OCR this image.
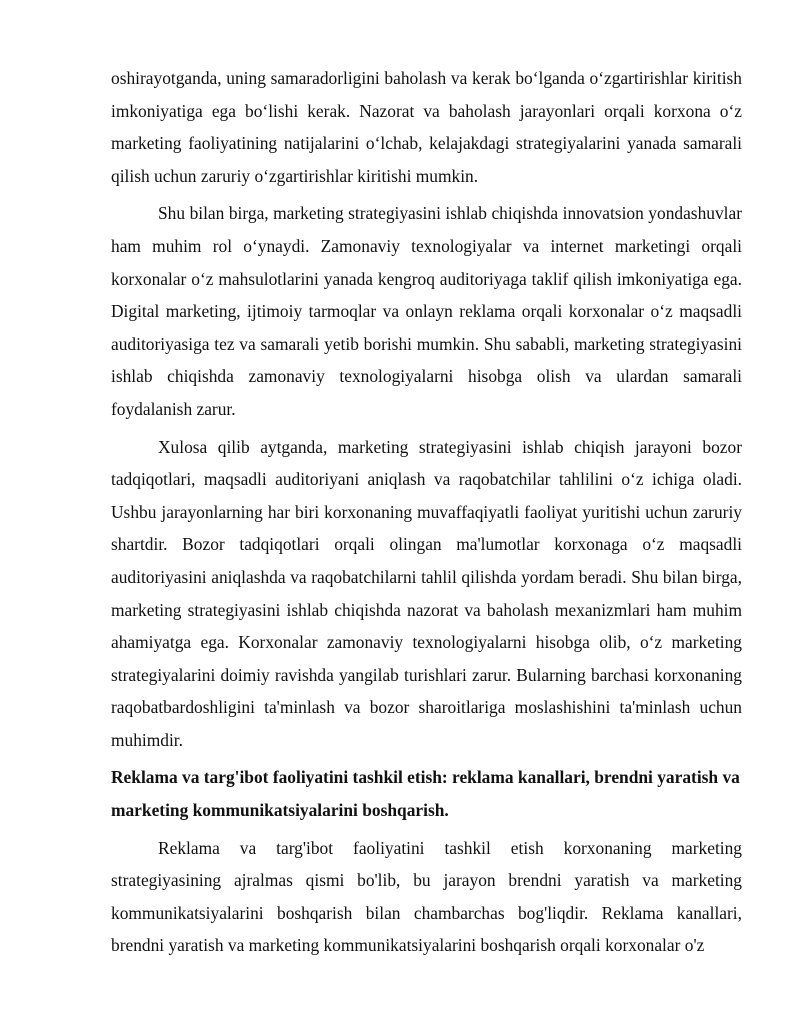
oshirayotganda, uning samaradorligini baholash va kerak bo‘lganda o‘zgartirishlar kiritish imkoniyatiga ega bo‘lishi kerak. Nazorat va baholash jarayonlari orqali korxona o‘z marketing faoliyatining natijalarini o‘lchab, kelajakdagi strategiyalarini yanada samarali qilish uchun zaruriy o‘zgartirishlar kiritishi mumkin.

Shu bilan birga, marketing strategiyasini ishlab chiqishda innovatsion yondashuvlar ham muhim rol o‘ynaydi. Zamonaviy texnologiyalar va internet marketingi orqali korxonalar o‘z mahsulotlarini yanada kengroq auditoriyaga taklif qilish imkoniyatiga ega. Digital marketing, ijtimoiy tarmoqlar va onlayn reklama orqali korxonalar o‘z maqsadli auditoriyasiga tez va samarali yetib borishi mumkin. Shu sababli, marketing strategiyasini ishlab chiqishda zamonaviy texnologiyalarni hisobga olish va ulardan samarali foydalanish zarur.

Xulosa qilib aytganda, marketing strategiyasini ishlab chiqish jarayoni bozor tadqiqotlari, maqsadli auditoriyani aniqlash va raqobatchilar tahlilini o‘z ichiga oladi. Ushbu jarayonlarning har biri korxonaning muvaffaqiyatli faoliyat yuritishi uchun zaruriy shartdir. Bozor tadqiqotlari orqali olingan ma'lumotlar korxonaga o‘z maqsadli auditoriyasini aniqlashda va raqobatchilarni tahlil qilishda yordam beradi. Shu bilan birga, marketing strategiyasini ishlab chiqishda nazorat va baholash mexanizmlari ham muhim ahamiyatga ega. Korxonalar zamonaviy texnologiyalarni hisobga olib, o‘z marketing strategiyalarini doimiy ravishda yangilab turishlari zarur. Bularning barchasi korxonaning raqobatbardoshligini ta'minlash va bozor sharoitlariga moslashishini ta'minlash uchun muhimdir.

Reklama va targ'ibot faoliyatini tashkil etish: reklama kanallari, brendni yaratish va marketing kommunikatsiyalarini boshqarish.

Reklama va targ'ibot faoliyatini tashkil etish korxonaning marketing strategiyasining ajralmas qismi bo'lib, bu jarayon brendni yaratish va marketing kommunikatsiyalarini boshqarish bilan chambarchas bog'liqdir. Reklama kanallari, brendni yaratish va marketing kommunikatsiyalarini boshqarish orqali korxonalar o'z
